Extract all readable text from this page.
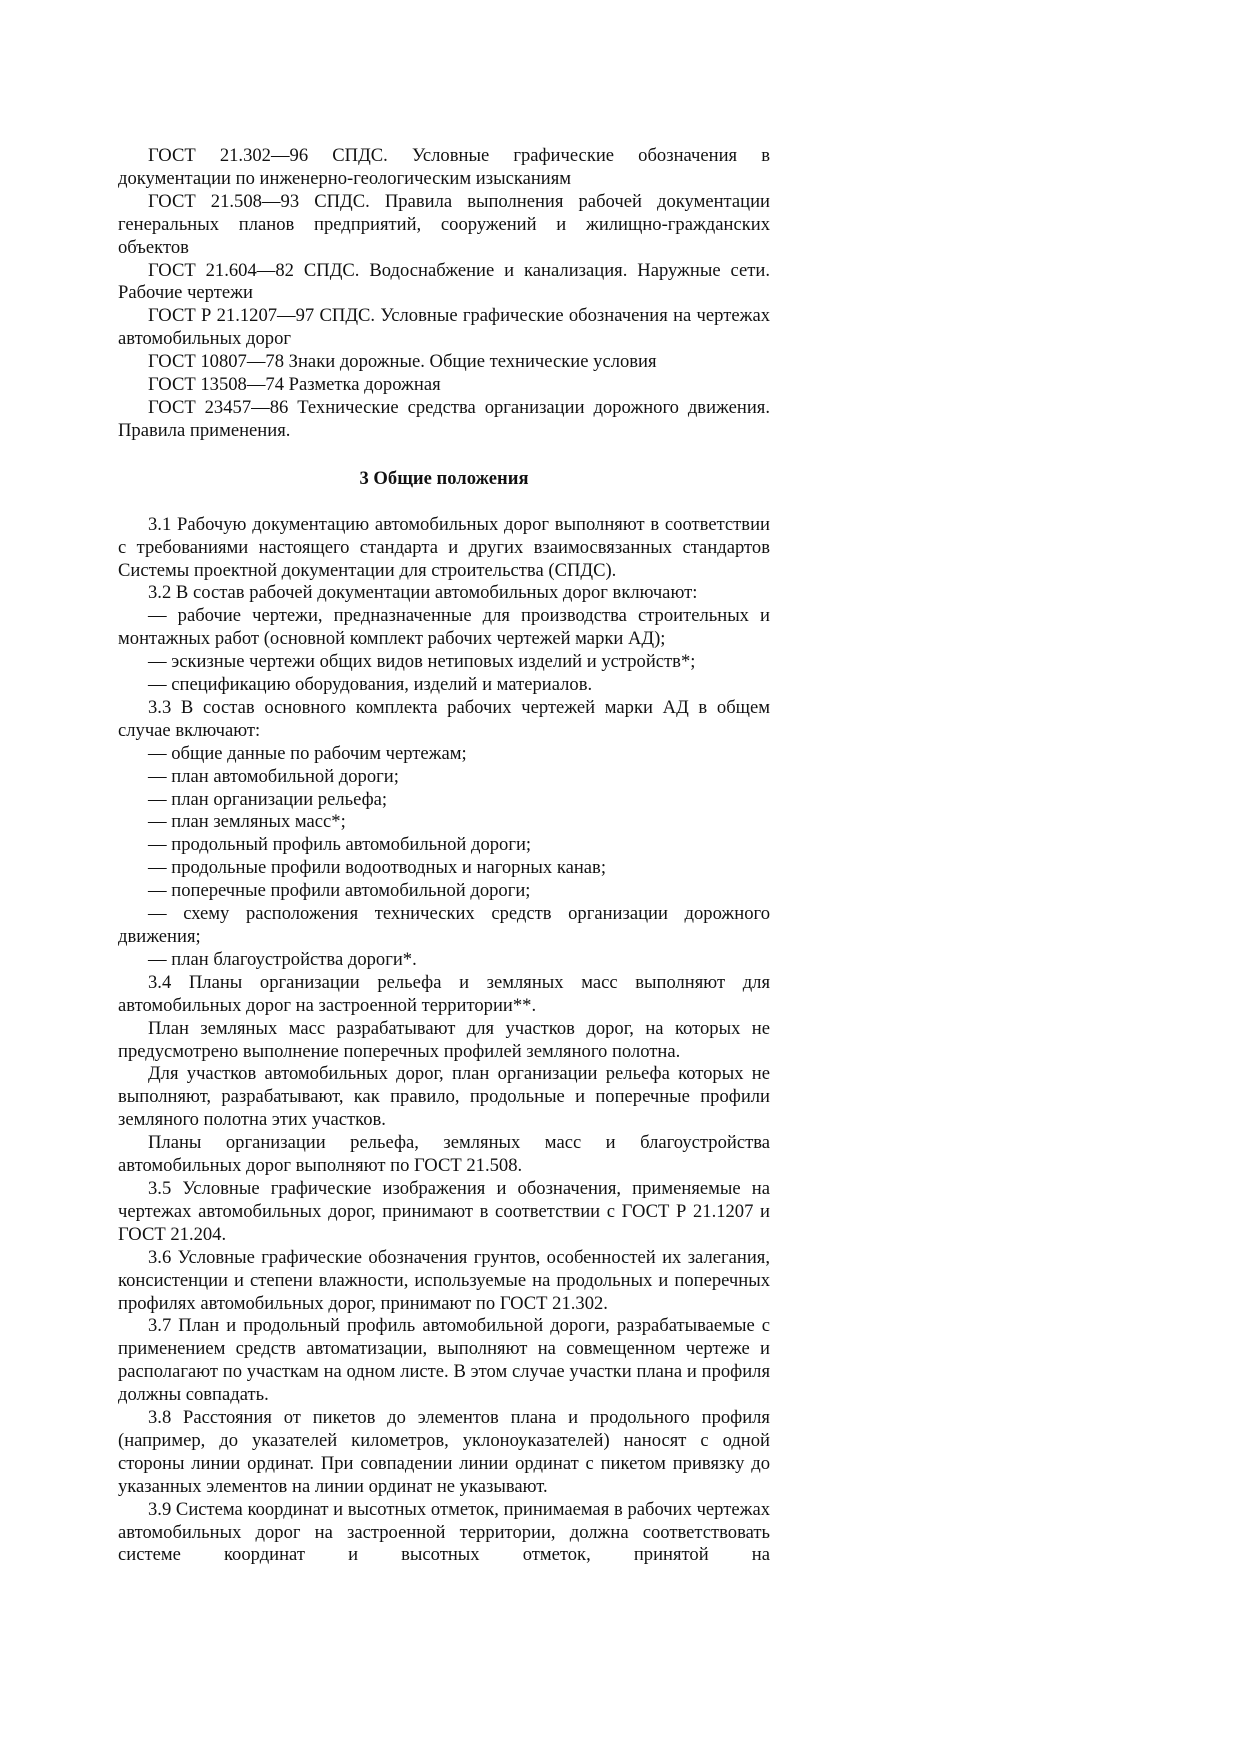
ГОСТ 21.302—96 СПДС. Условные графические обозначения в документации по инженерно-геологическим изысканиям

ГОСТ 21.508—93 СПДС. Правила выполнения рабочей документации генеральных планов предприятий, сооружений и жилищно-гражданских объектов

ГОСТ 21.604—82 СПДС. Водоснабжение и канализация. Наружные сети. Рабочие чертежи

ГОСТ Р 21.1207—97 СПДС. Условные графические обозначения на чертежах автомобильных дорог

ГОСТ 10807—78 Знаки дорожные. Общие технические условия

ГОСТ 13508—74 Разметка дорожная

ГОСТ 23457—86 Технические средства организации дорожного движения. Правила применения.

3 Общие положения

3.1 Рабочую документацию автомобильных дорог выполняют в соответствии с требованиями настоящего стандарта и других взаимосвязанных стандартов Системы проектной документации для строительства (СПДС).

3.2 В состав рабочей документации автомобильных дорог включают:

— рабочие чертежи, предназначенные для производства строительных и монтажных работ (основной комплект рабочих чертежей марки АД);

— эскизные чертежи общих видов нетиповых изделий и устройств*;

— спецификацию оборудования, изделий и материалов.

3.3 В состав основного комплекта рабочих чертежей марки АД в общем случае включают:

— общие данные по рабочим чертежам;

— план автомобильной дороги;

— план организации рельефа;

— план земляных масс*;

— продольный профиль автомобильной дороги;

— продольные профили водоотводных и нагорных канав;

— поперечные профили автомобильной дороги;

— схему расположения технических средств организации дорожного движения;

— план благоустройства дороги*.

3.4 Планы организации рельефа и земляных масс выполняют для автомобильных дорог на застроенной территории**.

План земляных масс разрабатывают для участков дорог, на которых не предусмотрено выполнение поперечных профилей земляного полотна.

Для участков автомобильных дорог, план организации рельефа которых не выполняют, разрабатывают, как правило, продольные и поперечные профили земляного полотна этих участков.

Планы организации рельефа, земляных масс и благоустройства автомобильных дорог выполняют по ГОСТ 21.508.

3.5 Условные графические изображения и обозначения, применяемые на чертежах автомобильных дорог, принимают в соответствии с ГОСТ Р 21.1207 и ГОСТ 21.204.

3.6 Условные графические обозначения грунтов, особенностей их залегания, консистенции и степени влажности, используемые на продольных и поперечных профилях автомобильных дорог, принимают по ГОСТ 21.302.

3.7 План и продольный профиль автомобильной дороги, разрабатываемые с применением средств автоматизации, выполняют на совмещенном чертеже и располагают по участкам на одном листе. В этом случае участки плана и профиля должны совпадать.

3.8 Расстояния от пикетов до элементов плана и продольного профиля (например, до указателей километров, уклоноуказателей) наносят с одной стороны линии ординат. При совпадении линии ординат с пикетом привязку до указанных элементов на линии ординат не указывают.

3.9 Система координат и высотных отметок, принимаемая в рабочих чертежах автомобильных дорог на застроенной территории, должна соответствовать системе координат и высотных отметок, принятой на
